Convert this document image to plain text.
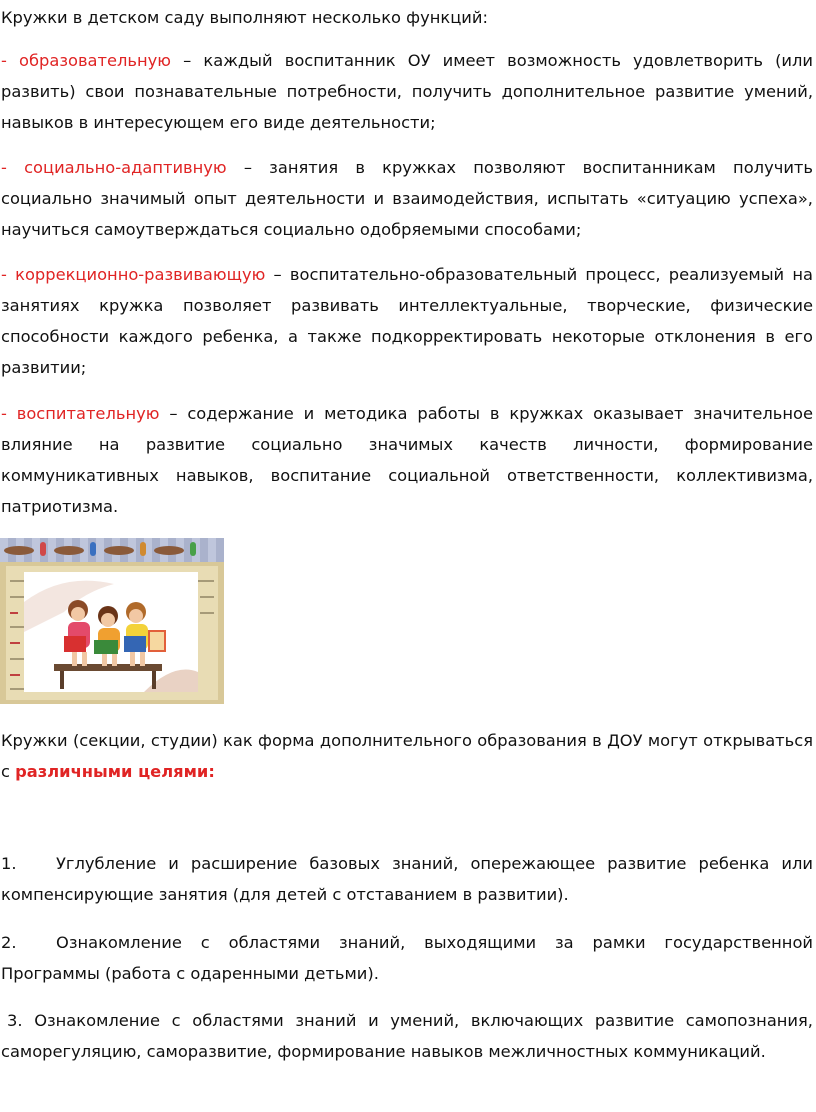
Кружки в детском саду выполняют несколько функций:

- образовательную – каждый воспитанник ОУ имеет возможность удовлетворить (или развить) свои познавательные потребности, получить дополнительное развитие умений, навыков в интересующем его виде деятельности;

- социально-адаптивную – занятия в кружках позволяют воспитанникам получить социально значимый опыт деятельности и взаимодействия, испытать «ситуацию успеха», научиться самоутверждаться социально одобряемыми способами;

- коррекционно-развивающую – воспитательно-образовательный процесс, реализуемый на занятиях кружка позволяет развивать интеллектуальные, творческие, физические способности каждого ребенка, а также подкорректировать некоторые отклонения в его развитии;

- воспитательную – содержание и методика работы в кружках оказывает значительное влияние на развитие социально значимых качеств личности, формирование коммуникативных навыков, воспитание социальной ответственности, коллективизма, патриотизма.

Кружки (секции, студии) как форма дополнительного образования в ДОУ могут открываться с различными целями:

1. Углубление и расширение базовых знаний, опережающее развитие ребенка или компенсирующие занятия (для детей с отставанием в развитии).

2. Ознакомление с областями знаний, выходящими за рамки государственной Программы (работа с одаренными детьми).

3. Ознакомление с областями знаний и умений, включающих развитие самопознания, саморегуляцию, саморазвитие, формирование навыков межличностных коммуникаций.
